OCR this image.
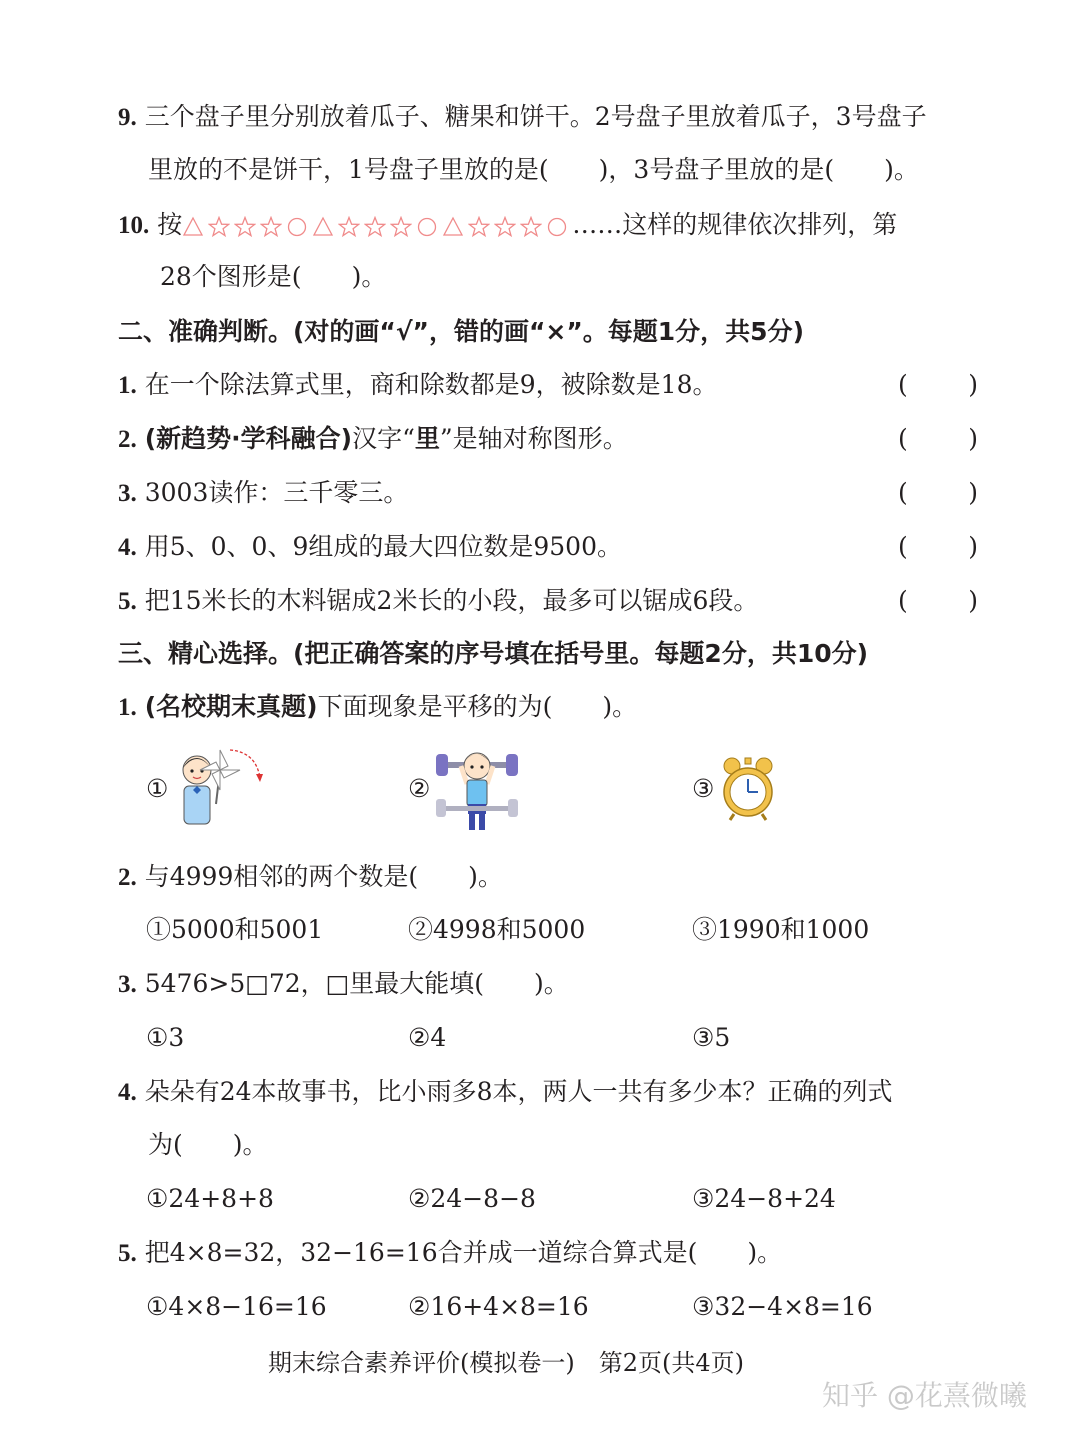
9. 三个盘子里分别放着瓜子、糖果和饼干。2号盘子里放着瓜子，3号盘子
里放的不是饼干，1号盘子里放的是(　　)，3号盘子里放的是(　　)。
10. 按	……这样的规律依次排列，第
28个图形是(　　)。
二、准确判断。(对的画“√”，错的画“×”。每题1分，共5分)
1. 在一个除法算式里，商和除数都是9，被除数是18。	( )
2. (新趋势·学科融合)汉字“里”是轴对称图形。	( )
3. 3003读作：三千零三。	( )
4. 用5、0、0、9组成的最大四位数是9500。	( )
5. 把15米长的木料锯成2米长的小段，最多可以锯成6段。	( )
三、精心选择。(把正确答案的序号填在括号里。每题2分，共10分)
1. (名校期末真题)下面现象是平移的为(　　)。
①	②	③
2. 与4999相邻的两个数是(　　)。
①5000和5001	②4998和5000	③1990和1000
3. 5476>5□72，□里最大能填(　　)。
①3	②4	③5
4. 朵朵有24本故事书，比小雨多8本，两人一共有多少本？正确的列式
为(　　)。
①24+8+8	②24−8−8	③24−8+24
5. 把4×8=32，32−16=16合并成一道综合算式是(　　)。
①4×8−16=16	②16+4×8=16	③32−4×8=16
期末综合素养评价(模拟卷一)　第2页(共4页)
知乎 @花熹微曦
